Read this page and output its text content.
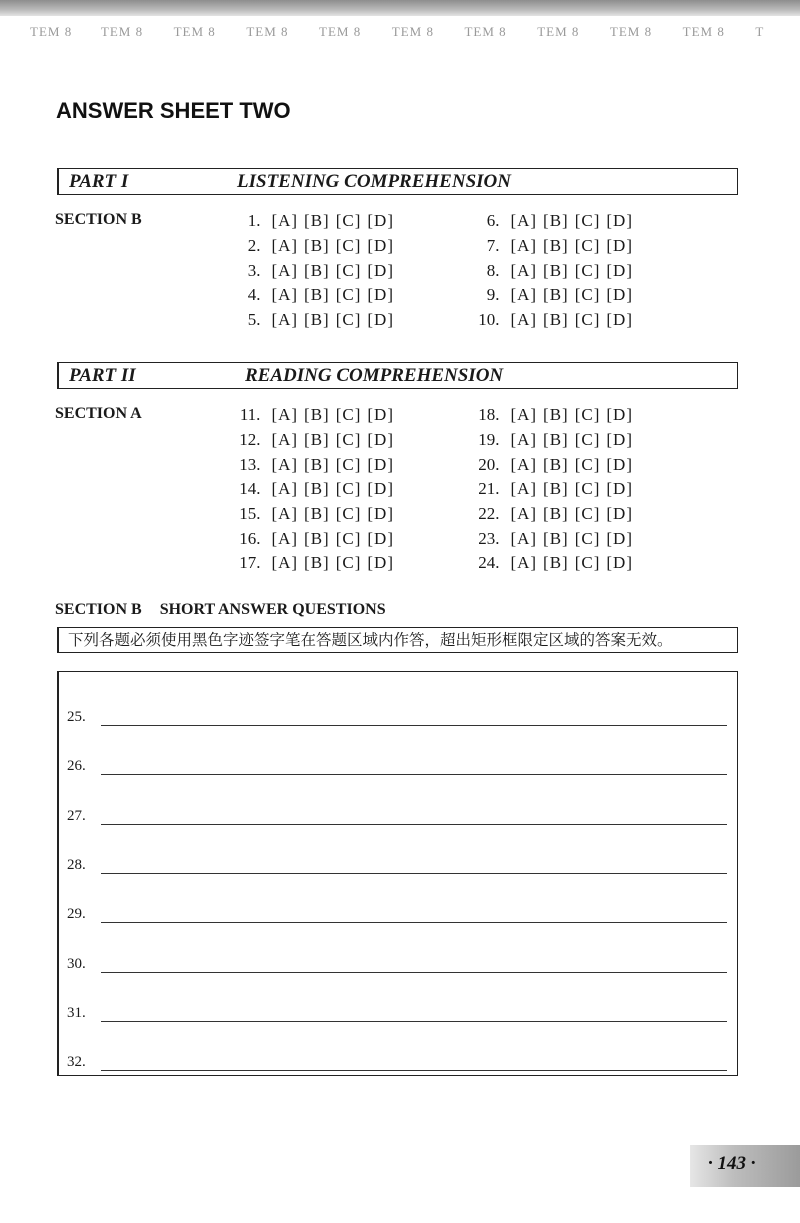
TEM 8	TEM 8	TEM 8	TEM 8	TEM 8	TEM 8	TEM 8	TEM 8	TEM 8	TEM 8	T
ANSWER SHEET TWO
PART I	LISTENING COMPREHENSION
SECTION B	1. [A] [B] [C] [D]
2. [A] [B] [C] [D]
3. [A] [B] [C] [D]
4. [A] [B] [C] [D]
5. [A] [B] [C] [D]
6. [A] [B] [C] [D]
7. [A] [B] [C] [D]
8. [A] [B] [C] [D]
9. [A] [B] [C] [D]
10. [A] [B] [C] [D]
PART II	READING COMPREHENSION
SECTION A	11. [A] [B] [C] [D]
12. [A] [B] [C] [D]
13. [A] [B] [C] [D]
14. [A] [B] [C] [D]
15. [A] [B] [C] [D]
16. [A] [B] [C] [D]
17. [A] [B] [C] [D]
18. [A] [B] [C] [D]
19. [A] [B] [C] [D]
20. [A] [B] [C] [D]
21. [A] [B] [C] [D]
22. [A] [B] [C] [D]
23. [A] [B] [C] [D]
24. [A] [B] [C] [D]
SECTION B SHORT ANSWER QUESTIONS
下列各题必须使用黑色字迹签字笔在答题区域内作答，超出矩形框限定区域的答案无效。
25.
26.
27.
28.
29.
30.
31.
32.
· 143 ·
